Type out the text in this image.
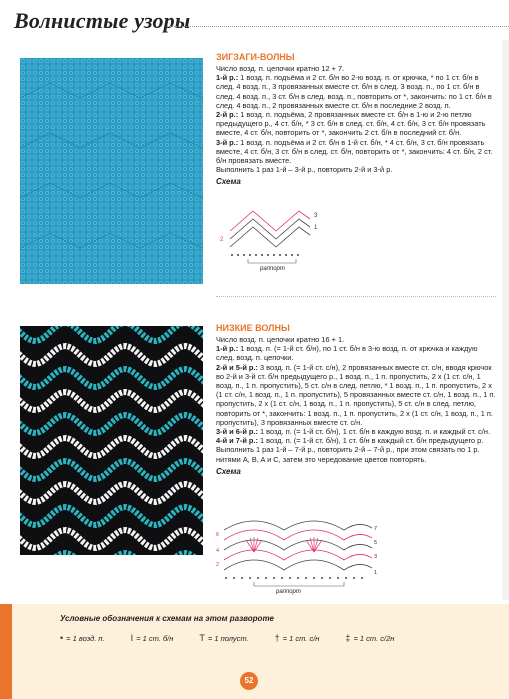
Волнистые узоры
ЗИГЗАГИ-ВОЛНЫ

Число возд. п. цепочки кратно 12 + 7.

1-й р.: 1 возд. п. подъёма и 2 ст. б/н во 2-ю возд. п. от крючка, * по 1 ст. б/н в след. 4 возд. п., 3 провязанных вместе ст. б/н в след. 3 возд. п., по 1 ст. б/н в след. 4 возд. п., 3 ст. б/н в след. возд. п., повторить от *, закончить: по 1 ст. б/н в след. 4 возд. п., 2 провязанных вместе ст. б/н в последние 2 возд. п.

2-й р.: 1 возд. п. подъёма, 2 провязанных вместе ст. б/н в 1-ю и 2-ю петлю предыдущего р., 4 ст. б/н, * 3 ст. б/н в след. ст. б/н, 4 ст. б/н, 3 ст. б/н провязать вместе, 4 ст. б/н, повторить от *, закончить 2 ст. б/н в последний ст. б/н.

3-й р.: 1 возд. п. подъёма и 2 ст. б/н в 1-й ст. б/н, * 4 ст. б/н, 3 ст. б/н провязать вместе, 4 ст. б/н, 3 ст. б/н в след. ст. б/н, повторить от *, закончить: 4 ст. б/н, 2 ст. б/н провязать вместе.

Выполнить 1 раз 1-й – 3-й р., повторить 2-й и 3-й р.

Схема
3
1
2
раппорт
НИЗКИЕ ВОЛНЫ

Число возд. п. цепочки кратно 16 + 1.

1-й р.: 1 возд. п. (= 1-й ст. б/н), по 1 ст. б/н в 3-ю возд. п. от крючка и каждую след. возд. п. цепочки.

2-й и 5-й р.: 3 возд. п. (= 1-й ст. с/н), 2 провязанных вместе ст. с/н, вводя крючок во 2-й и 3-й ст. б/н предыдущего р., 1 возд. п., 1 п. пропустить, 2 х (1 ст. с/н, 1 возд. п., 1 п. пропустить), 5 ст. с/н в след. петлю, * 1 возд. п., 1 п. пропустить, 2 х (1 ст. с/н, 1 возд. п., 1 п. пропустить), 5 провязанных вместе ст. с/н, 1 возд. п., 1 п. пропустить, 2 х (1 ст. с/н, 1 возд. п., 1 п. пропустить), 5 ст. с/н в след. петлю, повторить от *, закончить: 1 возд. п., 1 п. пропустить, 2 х (1 ст. с/н, 1 возд. п., 1 п. пропустить), 3 провязанных вместе ст. с/н.

3-й и 6-й р.: 1 возд. п. (= 1-й ст. б/н), 1 ст. б/н в каждую возд. п. и каждый ст. с/н.

4-й и 7-й р.: 1 возд. п. (= 1-й ст. б/н), 1 ст. б/н в каждый ст. б/н предыдущего р.

Выполнить 1 раз 1-й – 7-й р., повторить 2-й – 7-й р., при этом связать по 1 р. нитями A, B, A и C, затем это чередование цветов повторять.

Схема
7
6
5
4
3
2
1
раппорт
Условные обозначения к схемам на этом развороте
• = 1 возд. п.	I = 1 ст. б/н	T = 1 полуст.	† = 1 ст. с/н	‡ = 1 ст. с/2н
52
